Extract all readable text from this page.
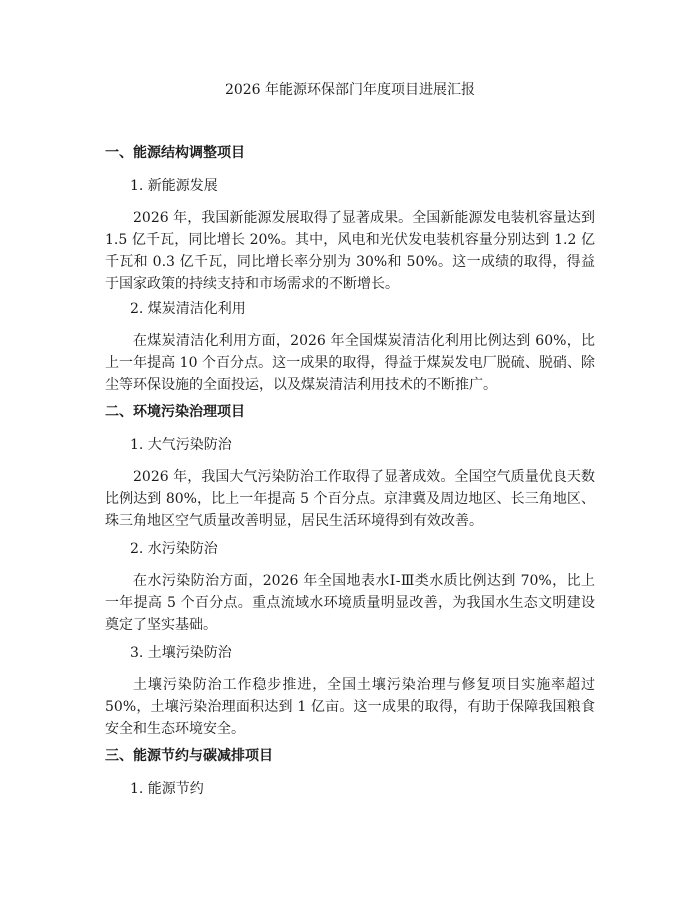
2026 年能源环保部门年度项目进展汇报
一、能源结构调整项目
1. 新能源发展

2026 年，我国新能源发展取得了显著成果。全国新能源发电装机容量达到 1.5 亿千瓦，同比增长 20%。其中，风电和光伏发电装机容量分别达到 1.2 亿千瓦和 0.3 亿千瓦，同比增长率分别为 30%和 50%。这一成绩的取得，得益于国家政策的持续支持和市场需求的不断增长。

2. 煤炭清洁化利用

在煤炭清洁化利用方面，2026 年全国煤炭清洁化利用比例达到 60%，比上一年提高 10 个百分点。这一成果的取得，得益于煤炭发电厂脱硫、脱硝、除尘等环保设施的全面投运，以及煤炭清洁利用技术的不断推广。

二、环境污染治理项目
1. 大气污染防治

2026 年，我国大气污染防治工作取得了显著成效。全国空气质量优良天数比例达到 80%，比上一年提高 5 个百分点。京津冀及周边地区、长三角地区、珠三角地区空气质量改善明显，居民生活环境得到有效改善。

2. 水污染防治

在水污染防治方面，2026 年全国地表水Ⅰ-Ⅲ类水质比例达到 70%，比上一年提高 5 个百分点。重点流域水环境质量明显改善，为我国水生态文明建设奠定了坚实基础。

3. 土壤污染防治

土壤污染防治工作稳步推进，全国土壤污染治理与修复项目实施率超过 50%，土壤污染治理面积达到 1 亿亩。这一成果的取得，有助于保障我国粮食安全和生态环境安全。

三、能源节约与碳减排项目
1. 能源节约
